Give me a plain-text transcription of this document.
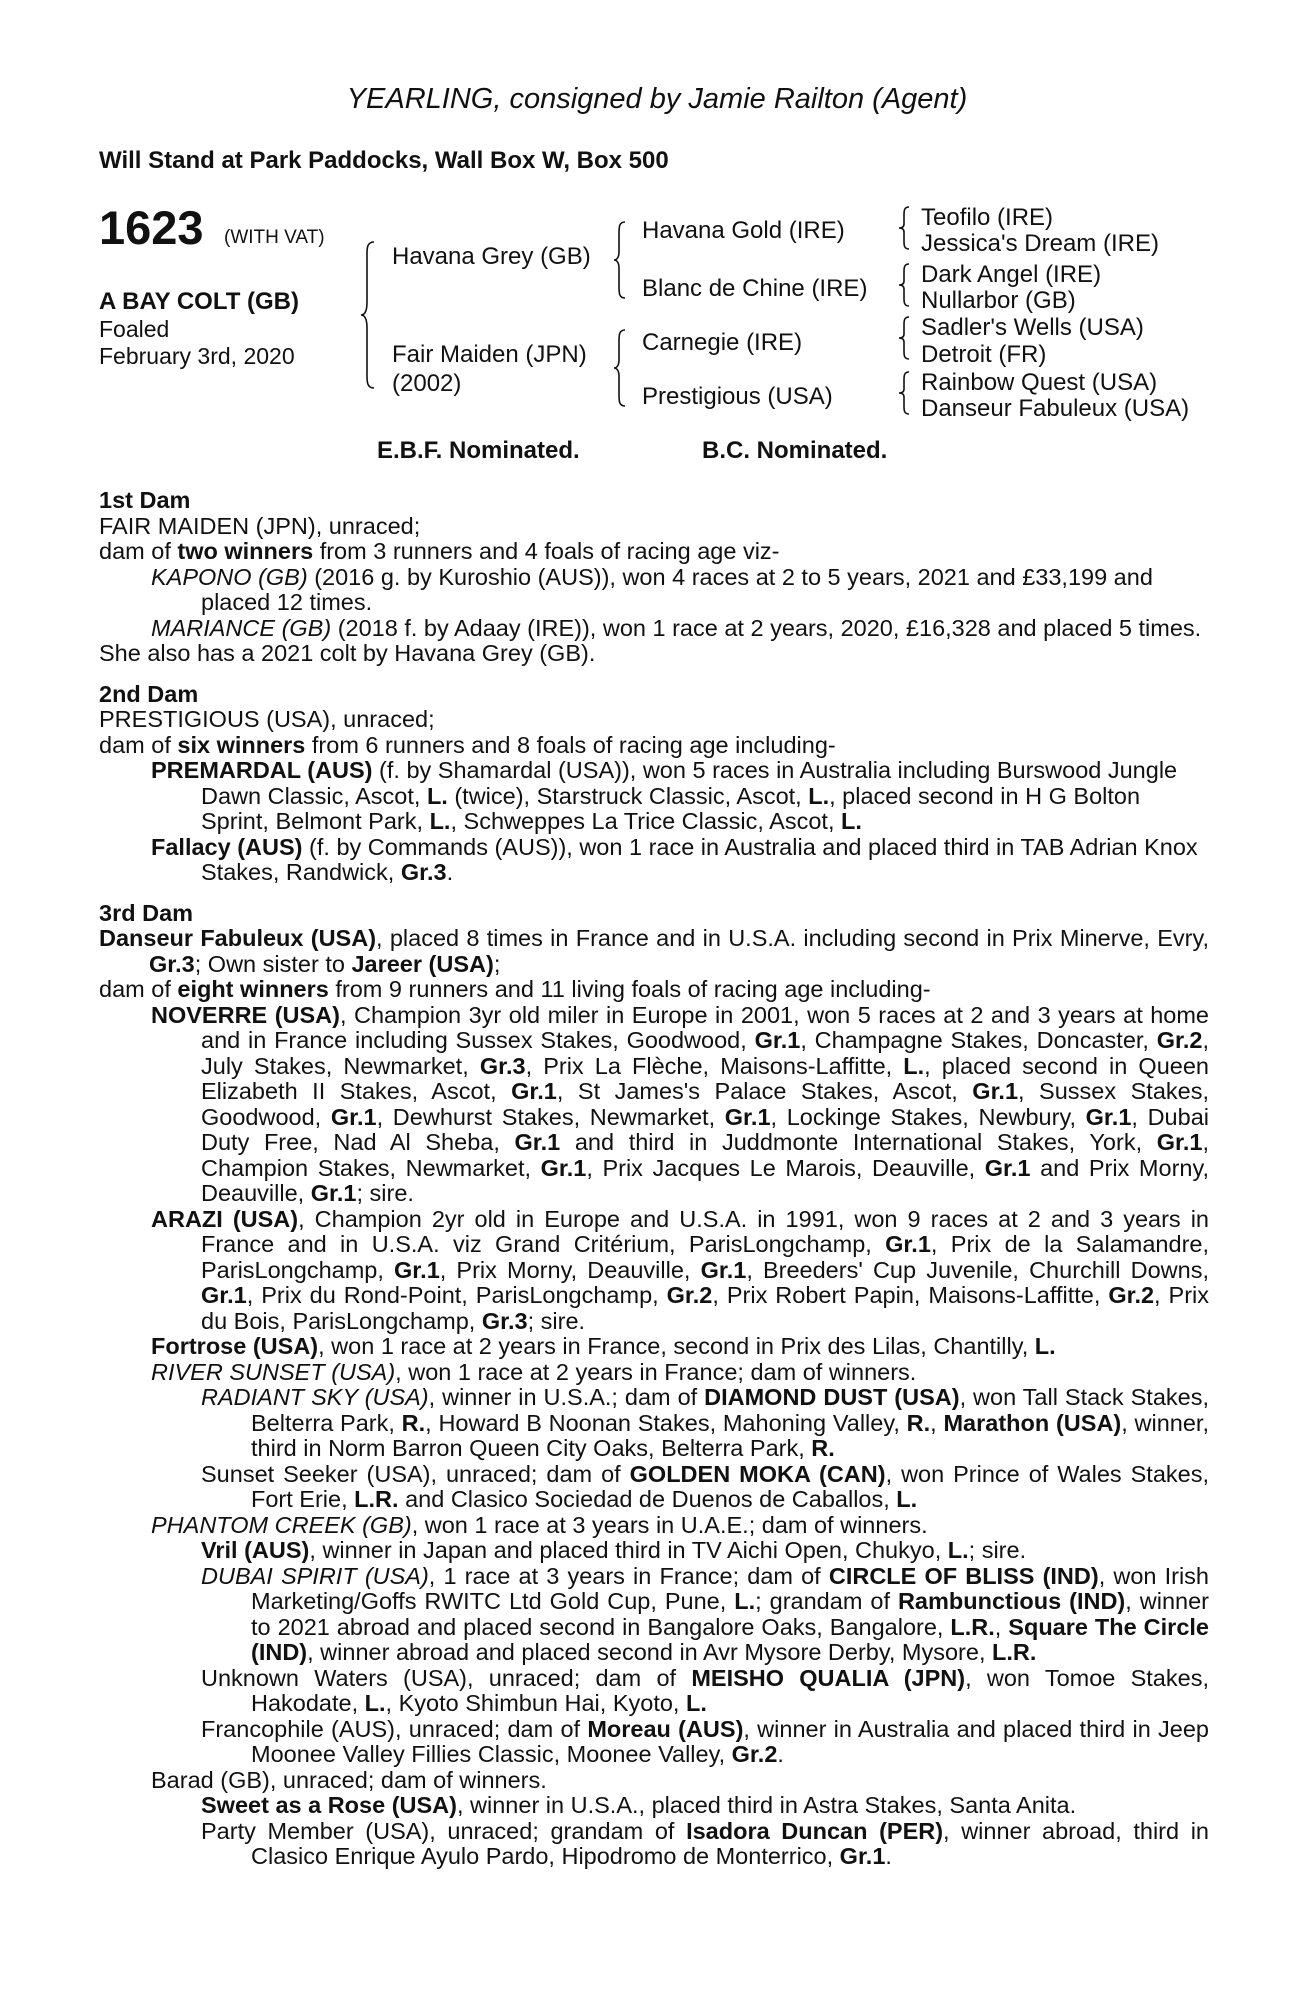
YEARLING, consigned by Jamie Railton (Agent)
Will Stand at Park Paddocks, Wall Box W, Box 500
1623 (WITH VAT)
A BAY COLT (GB)
Foaled
February 3rd, 2020
Havana Grey (GB)
Fair Maiden (JPN)
(2002)
Havana Gold (IRE)
Blanc de Chine (IRE)
Carnegie (IRE)
Prestigious (USA)
Teofilo (IRE)
Jessica's Dream (IRE)
Dark Angel (IRE)
Nullarbor (GB)
Sadler's Wells (USA)
Detroit (FR)
Rainbow Quest (USA)
Danseur Fabuleux (USA)
E.B.F. Nominated.	B.C. Nominated.
1st Dam
FAIR MAIDEN (JPN), unraced;
dam of two winners from 3 runners and 4 foals of racing age viz-
KAPONO (GB) (2016 g. by Kuroshio (AUS)), won 4 races at 2 to 5 years, 2021 and £33,199 and placed 12 times.
MARIANCE (GB) (2018 f. by Adaay (IRE)), won 1 race at 2 years, 2020, £16,328 and placed 5 times.
She also has a 2021 colt by Havana Grey (GB).
2nd Dam
PRESTIGIOUS (USA), unraced;
dam of six winners from 6 runners and 8 foals of racing age including-
PREMARDAL (AUS) (f. by Shamardal (USA)), won 5 races in Australia including Burswood Jungle Dawn Classic, Ascot, L. (twice), Starstruck Classic, Ascot, L., placed second in H G Bolton Sprint, Belmont Park, L., Schweppes La Trice Classic, Ascot, L.
Fallacy (AUS) (f. by Commands (AUS)), won 1 race in Australia and placed third in TAB Adrian Knox Stakes, Randwick, Gr.3.
3rd Dam
Danseur Fabuleux (USA), placed 8 times in France and in U.S.A. including second in Prix Minerve, Evry, Gr.3; Own sister to Jareer (USA);
dam of eight winners from 9 runners and 11 living foals of racing age including-
NOVERRE (USA), Champion 3yr old miler in Europe in 2001, won 5 races at 2 and 3 years at home and in France including Sussex Stakes, Goodwood, Gr.1, Champagne Stakes, Doncaster, Gr.2, July Stakes, Newmarket, Gr.3, Prix La Flèche, Maisons-Laffitte, L., placed second in Queen Elizabeth II Stakes, Ascot, Gr.1, St James's Palace Stakes, Ascot, Gr.1, Sussex Stakes, Goodwood, Gr.1, Dewhurst Stakes, Newmarket, Gr.1, Lockinge Stakes, Newbury, Gr.1, Dubai Duty Free, Nad Al Sheba, Gr.1 and third in Juddmonte International Stakes, York, Gr.1, Champion Stakes, Newmarket, Gr.1, Prix Jacques Le Marois, Deauville, Gr.1 and Prix Morny, Deauville, Gr.1; sire.
ARAZI (USA), Champion 2yr old in Europe and U.S.A. in 1991, won 9 races at 2 and 3 years in France and in U.S.A. viz Grand Critérium, ParisLongchamp, Gr.1, Prix de la Salamandre, ParisLongchamp, Gr.1, Prix Morny, Deauville, Gr.1, Breeders' Cup Juvenile, Churchill Downs, Gr.1, Prix du Rond-Point, ParisLongchamp, Gr.2, Prix Robert Papin, Maisons-Laffitte, Gr.2, Prix du Bois, ParisLongchamp, Gr.3; sire.
Fortrose (USA), won 1 race at 2 years in France, second in Prix des Lilas, Chantilly, L.
RIVER SUNSET (USA), won 1 race at 2 years in France; dam of winners.
RADIANT SKY (USA), winner in U.S.A.; dam of DIAMOND DUST (USA), won Tall Stack Stakes, Belterra Park, R., Howard B Noonan Stakes, Mahoning Valley, R., Marathon (USA), winner, third in Norm Barron Queen City Oaks, Belterra Park, R.
Sunset Seeker (USA), unraced; dam of GOLDEN MOKA (CAN), won Prince of Wales Stakes, Fort Erie, L.R. and Clasico Sociedad de Duenos de Caballos, L.
PHANTOM CREEK (GB), won 1 race at 3 years in U.A.E.; dam of winners.
Vril (AUS), winner in Japan and placed third in TV Aichi Open, Chukyo, L.; sire.
DUBAI SPIRIT (USA), 1 race at 3 years in France; dam of CIRCLE OF BLISS (IND), won Irish Marketing/Goffs RWITC Ltd Gold Cup, Pune, L.; grandam of Rambunctious (IND), winner to 2021 abroad and placed second in Bangalore Oaks, Bangalore, L.R., Square The Circle (IND), winner abroad and placed second in Avr Mysore Derby, Mysore, L.R.
Unknown Waters (USA), unraced; dam of MEISHO QUALIA (JPN), won Tomoe Stakes, Hakodate, L., Kyoto Shimbun Hai, Kyoto, L.
Francophile (AUS), unraced; dam of Moreau (AUS), winner in Australia and placed third in Jeep Moonee Valley Fillies Classic, Moonee Valley, Gr.2.
Barad (GB), unraced; dam of winners.
Sweet as a Rose (USA), winner in U.S.A., placed third in Astra Stakes, Santa Anita.
Party Member (USA), unraced; grandam of Isadora Duncan (PER), winner abroad, third in Clasico Enrique Ayulo Pardo, Hipodromo de Monterrico, Gr.1.
